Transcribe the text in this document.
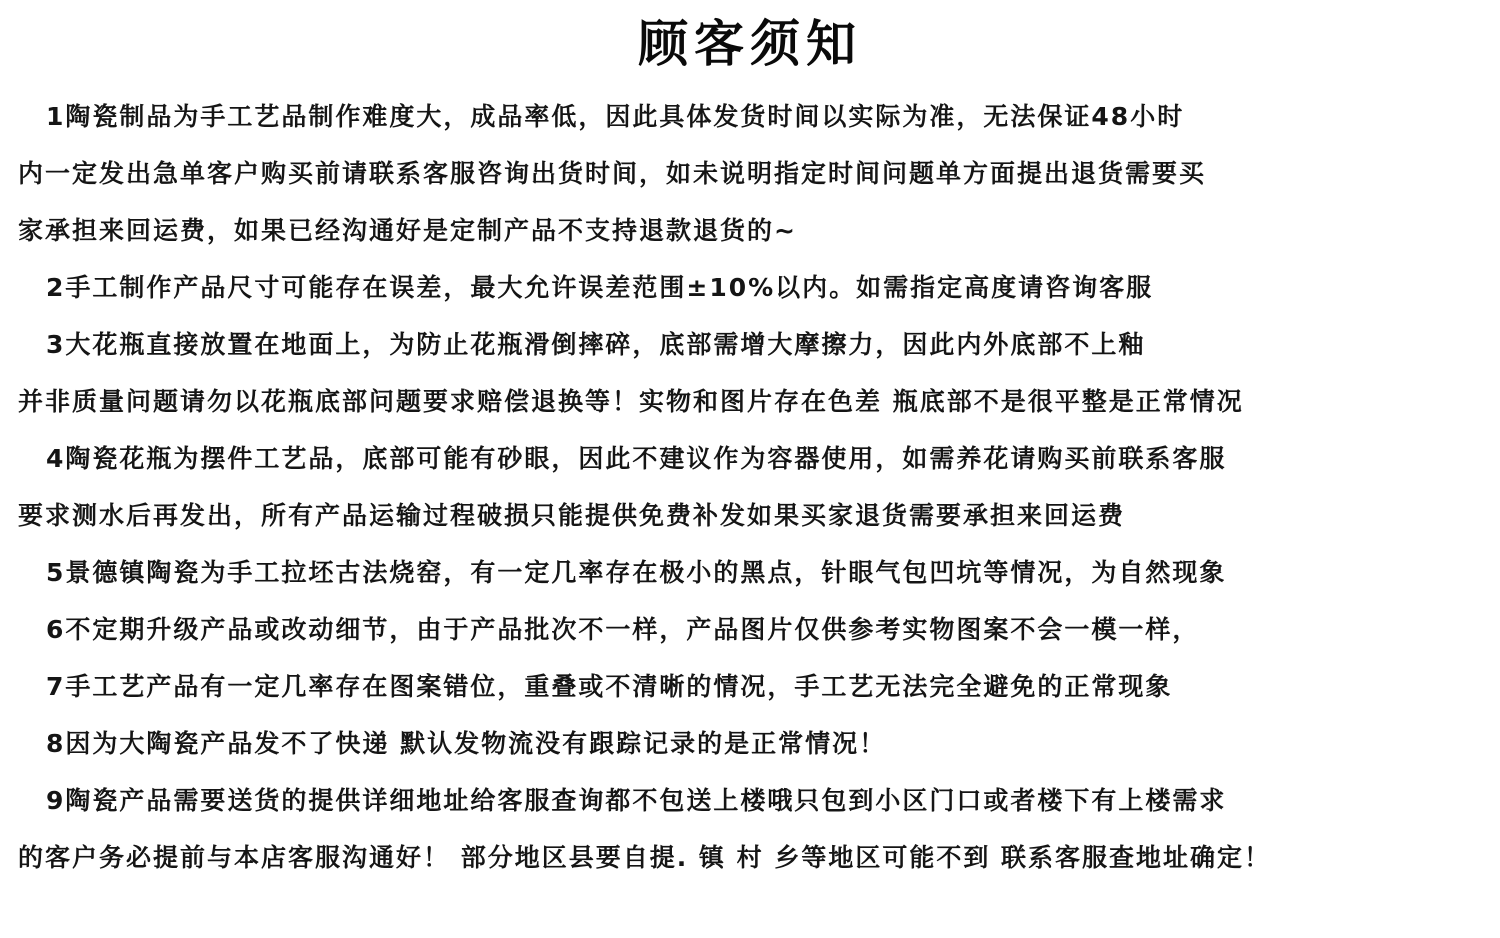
顾客须知
1陶瓷制品为手工艺品制作难度大，成品率低，因此具体发货时间以实际为准，无法保证48小时
内一定发出急单客户购买前请联系客服咨询出货时间，如未说明指定时间问题单方面提出退货需要买
家承担来回运费，如果已经沟通好是定制产品不支持退款退货的~
2手工制作产品尺寸可能存在误差，最大允许误差范围±10%以内。如需指定高度请咨询客服
3大花瓶直接放置在地面上，为防止花瓶滑倒摔碎，底部需增大摩擦力，因此内外底部不上釉
并非质量问题请勿以花瓶底部问题要求赔偿退换等！实物和图片存在色差 瓶底部不是很平整是正常情况
4陶瓷花瓶为摆件工艺品，底部可能有砂眼，因此不建议作为容器使用，如需养花请购买前联系客服
要求测水后再发出，所有产品运输过程破损只能提供免费补发如果买家退货需要承担来回运费
5景德镇陶瓷为手工拉坯古法烧窑，有一定几率存在极小的黑点，针眼气包凹坑等情况，为自然现象
6不定期升级产品或改动细节，由于产品批次不一样，产品图片仅供参考实物图案不会一模一样，
7手工艺产品有一定几率存在图案错位，重叠或不清晰的情况，手工艺无法完全避免的正常现象
8因为大陶瓷产品发不了快递 默认发物流没有跟踪记录的是正常情况！
9陶瓷产品需要送货的提供详细地址给客服查询都不包送上楼哦只包到小区门口或者楼下有上楼需求
的客户务必提前与本店客服沟通好！ 部分地区县要自提. 镇 村 乡等地区可能不到 联系客服查地址确定！
